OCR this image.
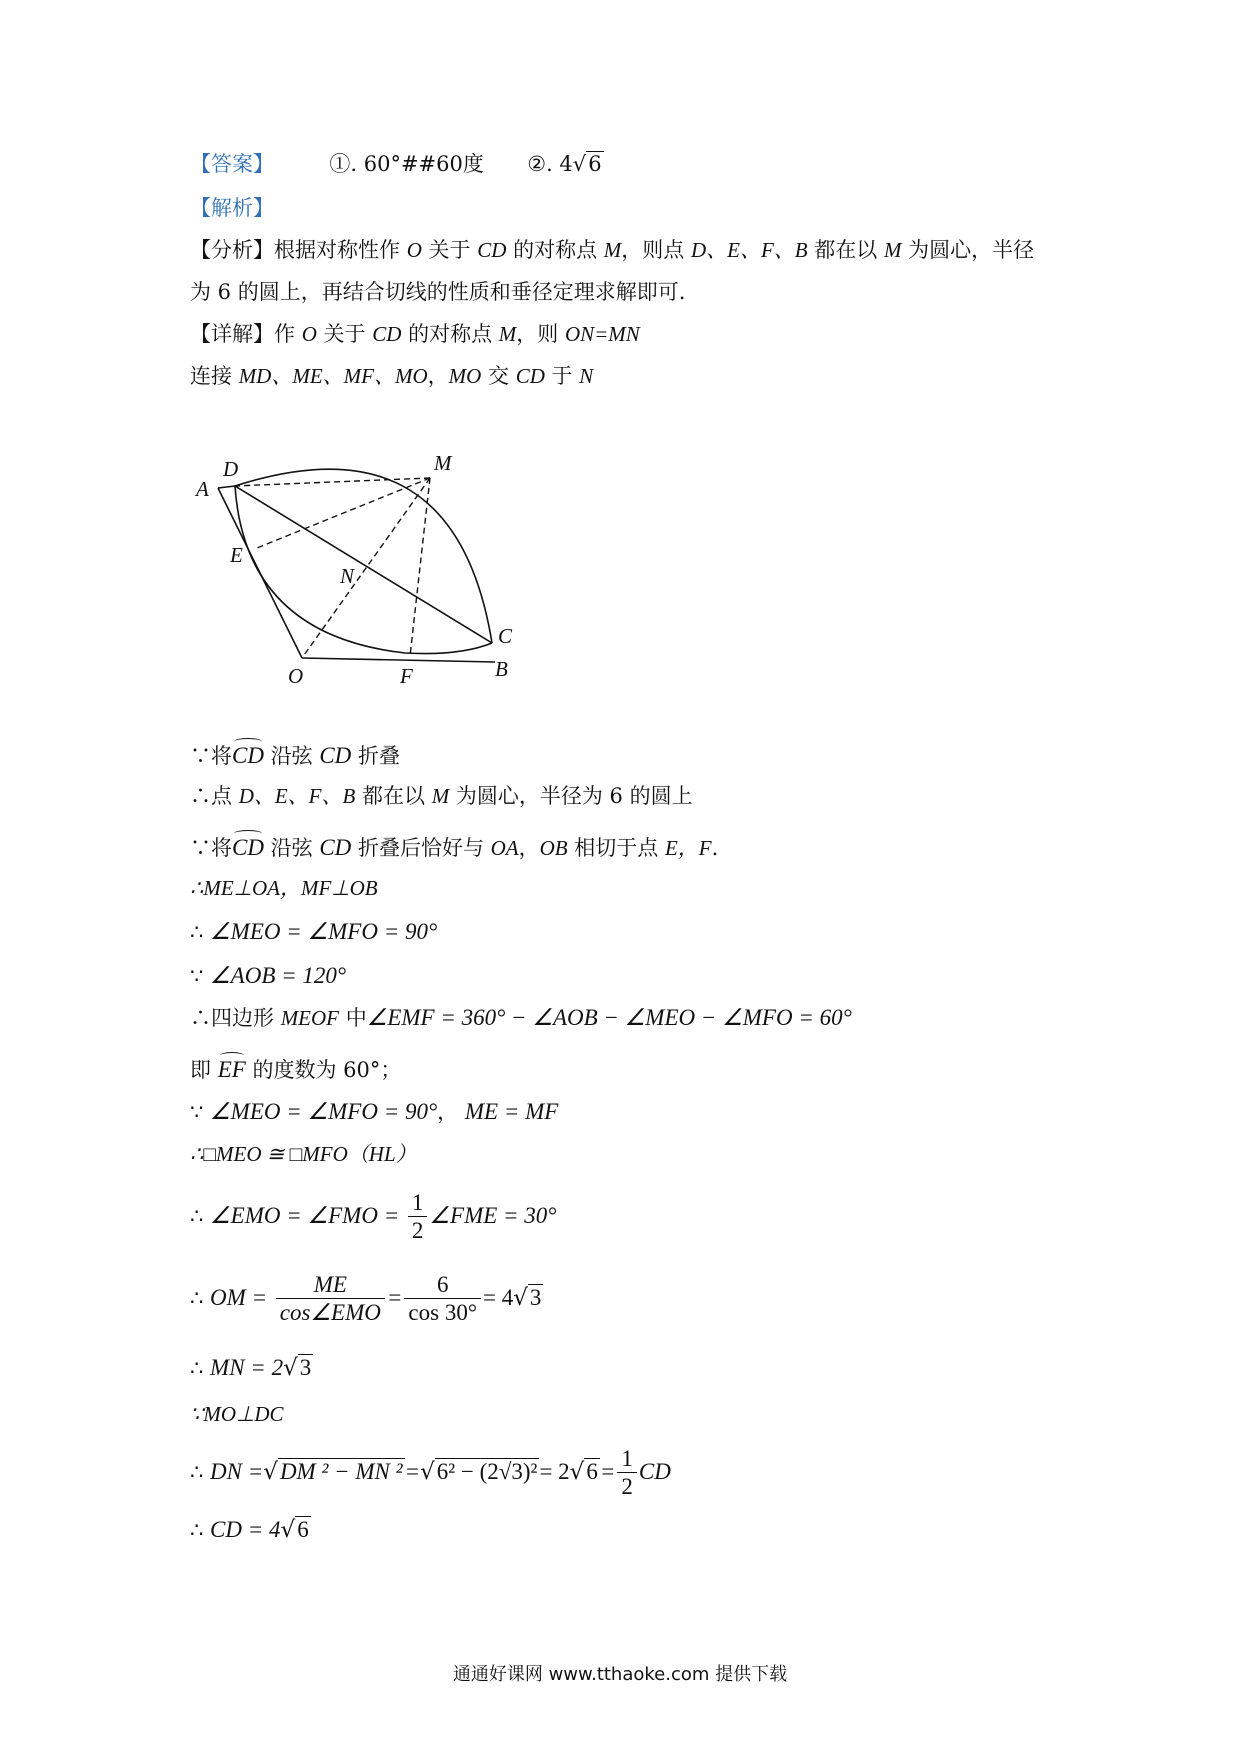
【答案】	①. 60°##60度 ②. 4√6
【解析】
【分析】根据对称性作 O 关于 CD 的对称点 M，则点 D、E、F、B 都在以 M 为圆心，半径
为 6 的圆上，再结合切线的性质和垂径定理求解即可.
【详解】作 O 关于 CD 的对称点 M，则 ON=MN
连接 MD、ME、MF、MO，MO 交 CD 于 N
A
D	M
E
N
C
O	F	B
∵将CD
沿弦 CD 折叠
∴点 D、E、F、B 都在以 M 为圆心，半径为 6 的圆上
∵将CD
沿弦 CD 折叠后恰好与 OA，OB 相切于点 E，F.
∴ME⊥OA，MF⊥OB
∴ ∠MEO = ∠MFO = 90°
∵ ∠AOB = 120°
∴四边形 MEOF 中∠EMF = 360° − ∠AOB − ∠MEO − ∠MFO = 60°
即 EF
的度数为 60°；
∵ ∠MEO = ∠MFO = 90°， ME = MF
∴□MEO ≅ □MFO（HL）
∴ ∠EMO = ∠FMO = $\frac{1}{2}$ ∠FME = 30°
∴ OM = $\frac{ME}{\text{cos∠EMO}} = \frac{6}{\cos 30^\circ} = 4√3$
∴ MN = 2√3
∵MO⊥DC
∴ DN =√DM ² − MN $^2=√6^2 - (2√3)^2= 2√6= \frac{1}{2}$ CD
∴ CD = 4√6
通通好课网 www.tthaoke.com 提供下载
